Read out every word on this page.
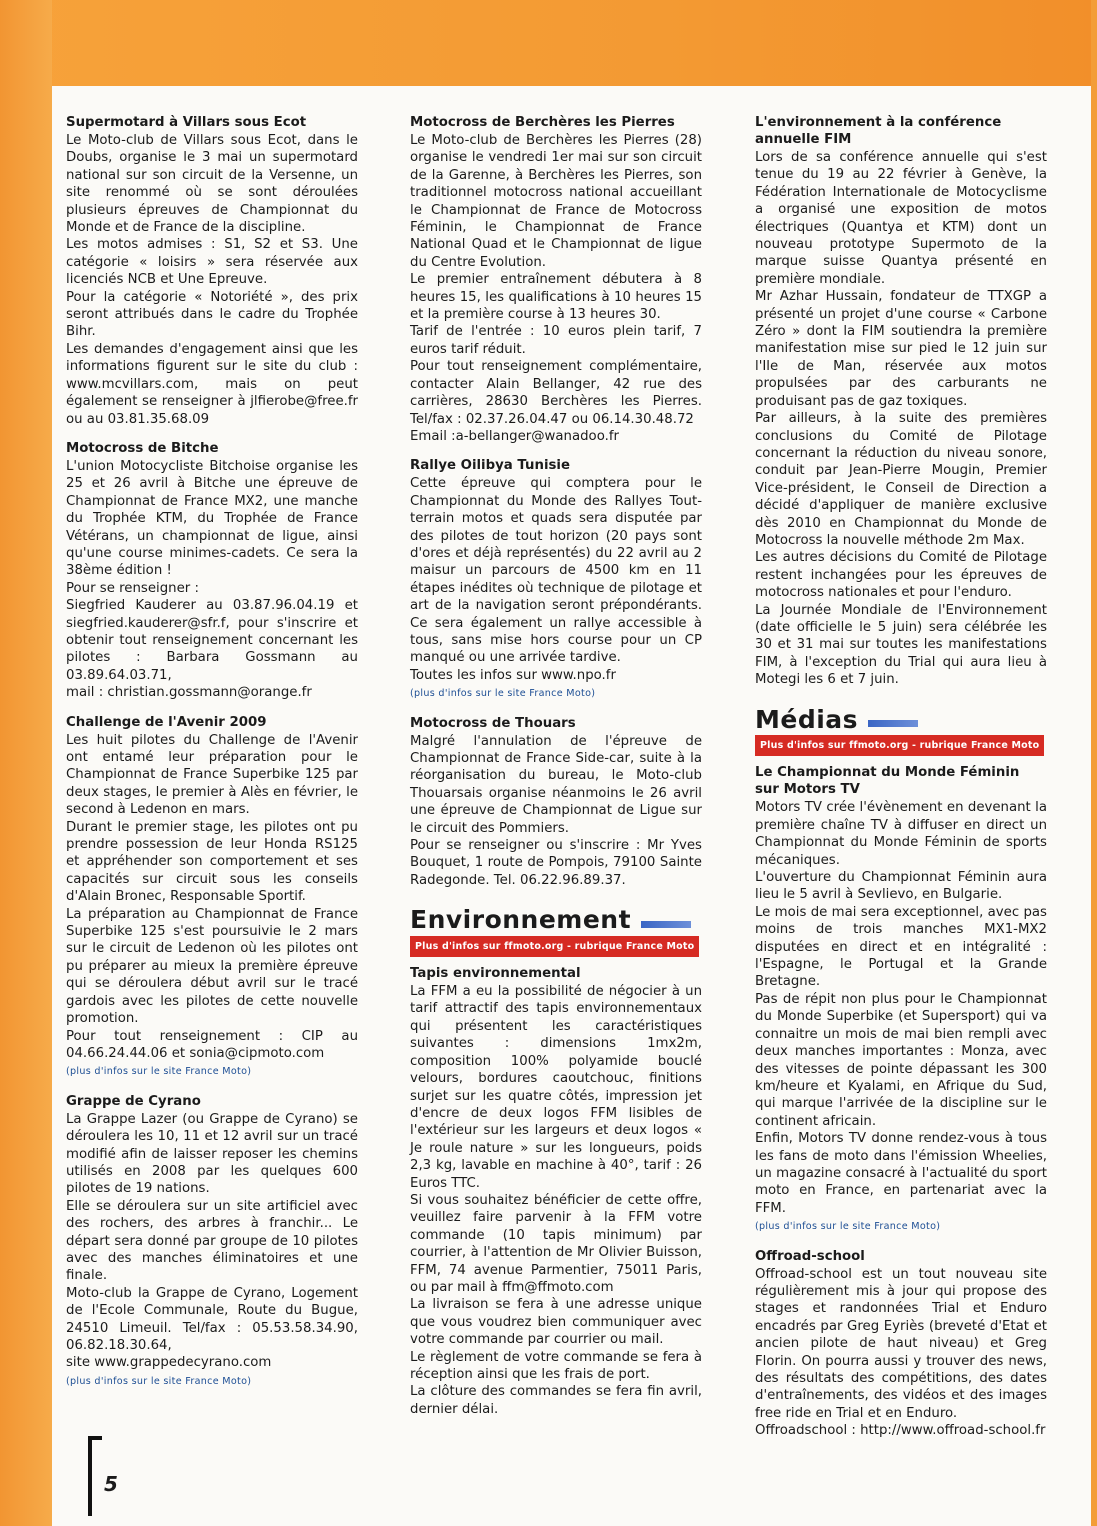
Supermotard à Villars sous Ecot

Le Moto-club de Villars sous Ecot, dans le Doubs, organise le 3 mai un supermotard national sur son circuit de la Versenne, un site renommé où se sont déroulées plusieurs épreuves de Championnat du Monde et de France de la discipline.

Les motos admises : S1, S2 et S3. Une catégorie « loisirs » sera réservée aux licenciés NCB et Une Epreuve.

Pour la catégorie « Notoriété », des prix seront attribués dans le cadre du Trophée Bihr.

Les demandes d'engagement ainsi que les informations figurent sur le site du club : www.mcvillars.com, mais on peut également se renseigner à jlfierobe@free.fr ou au 03.81.35.68.09

Motocross de Bitche

L'union Motocycliste Bitchoise organise les 25 et 26 avril à Bitche une épreuve de Championnat de France MX2, une manche du Trophée KTM, du Trophée de France Vétérans, un championnat de ligue, ainsi qu'une course minimes-cadets. Ce sera la 38ème édition !

Pour se renseigner :

Siegfried Kauderer au 03.87.96.04.19 et siegfried.kauderer@sfr.f, pour s'inscrire et obtenir tout renseignement concernant les pilotes : Barbara Gossmann au 03.89.64.03.71,

mail : christian.gossmann@orange.fr

Challenge de l'Avenir 2009

Les huit pilotes du Challenge de l'Avenir ont entamé leur préparation pour le Championnat de France Superbike 125 par deux stages, le premier à Alès en février, le second à Ledenon en mars.

Durant le premier stage, les pilotes ont pu prendre possession de leur Honda RS125 et appréhender son comportement et ses capacités sur circuit sous les conseils d'Alain Bronec, Responsable Sportif.

La préparation au Championnat de France Superbike 125 s'est poursuivie le 2 mars sur le circuit de Ledenon où les pilotes ont pu préparer au mieux la première épreuve qui se déroulera début avril sur le tracé gardois avec les pilotes de cette nouvelle promotion.

Pour tout renseignement : CIP au 04.66.24.44.06 et sonia@cipmoto.com

(plus d'infos sur le site France Moto)
Grappe de Cyrano

La Grappe Lazer (ou Grappe de Cyrano) se déroulera les 10, 11 et 12 avril sur un tracé modifié afin de laisser reposer les chemins utilisés en 2008 par les quelques 600 pilotes de 19 nations.

Elle se déroulera sur un site artificiel avec des rochers, des arbres à franchir... Le départ sera donné par groupe de 10 pilotes avec des manches éliminatoires et une finale.

Moto-club la Grappe de Cyrano, Logement de l'Ecole Communale, Route du Bugue, 24510 Limeuil. Tel/fax : 05.53.58.34.90, 06.82.18.30.64,

site www.grappedecyrano.com

(plus d'infos sur le site France Moto)
Motocross de Berchères les Pierres

Le Moto-club de Berchères les Pierres (28) organise le vendredi 1er mai sur son circuit de la Garenne, à Berchères les Pierres, son traditionnel motocross national accueillant le Championnat de France de Motocross Féminin, le Championnat de France National Quad et le Championnat de ligue du Centre Evolution.

Le premier entraînement débutera à 8 heures 15, les qualifications à 10 heures 15 et la première course à 13 heures 30.

Tarif de l'entrée : 10 euros plein tarif, 7 euros tarif réduit.

Pour tout renseignement complémentaire, contacter Alain Bellanger, 42 rue des carrières, 28630 Berchères les Pierres. Tel/fax : 02.37.26.04.47 ou 06.14.30.48.72

Email :a-bellanger@wanadoo.fr

Rallye Oilibya Tunisie

Cette épreuve qui comptera pour le Championnat du Monde des Rallyes Tout-terrain motos et quads sera disputée par des pilotes de tout horizon (20 pays sont d'ores et déjà représentés) du 22 avril au 2 maisur un parcours de 4500 km en 11 étapes inédites où technique de pilotage et art de la navigation seront prépondérants. Ce sera également un rallye accessible à tous, sans mise hors course pour un CP manqué ou une arrivée tardive.

Toutes les infos sur www.npo.fr

(plus d'infos sur le site France Moto)
Motocross de Thouars

Malgré l'annulation de l'épreuve de Championnat de France Side-car, suite à la réorganisation du bureau, le Moto-club Thouarsais organise néanmoins le 26 avril une épreuve de Championnat de Ligue sur le circuit des Pommiers.

Pour se renseigner ou s'inscrire : Mr Yves Bouquet, 1 route de Pompois, 79100 Sainte Radegonde. Tel. 06.22.96.89.37.

Environnement
Plus d'infos sur ffmoto.org - rubrique France Moto
Tapis environnemental

La FFM a eu la possibilité de négocier à un tarif attractif des tapis environnementaux qui présentent les caractéristiques suivantes : dimensions 1mx2m, composition 100% polyamide bouclé velours, bordures caoutchouc, finitions surjet sur les quatre côtés, impression jet d'encre de deux logos FFM lisibles de l'extérieur sur les largeurs et deux logos « Je roule nature » sur les longueurs, poids 2,3 kg, lavable en machine à 40°, tarif : 26 Euros TTC.

Si vous souhaitez bénéficier de cette offre, veuillez faire parvenir à la FFM votre commande (10 tapis minimum) par courrier, à l'attention de Mr Olivier Buisson, FFM, 74 avenue Parmentier, 75011 Paris, ou par mail à ffm@ffmoto.com

La livraison se fera à une adresse unique que vous voudrez bien communiquer avec votre commande par courrier ou mail.

Le règlement de votre commande se fera à réception ainsi que les frais de port.

La clôture des commandes se fera fin avril, dernier délai.

L'environnement à la conférence annuelle FIM

Lors de sa conférence annuelle qui s'est tenue du 19 au 22 février à Genève, la Fédération Internationale de Motocyclisme a organisé une exposition de motos électriques (Quantya et KTM) dont un nouveau prototype Supermoto de la marque suisse Quantya présenté en première mondiale.

Mr Azhar Hussain, fondateur de TTXGP a présenté un projet d'une course « Carbone Zéro » dont la FIM soutiendra la première manifestation mise sur pied le 12 juin sur l'Ile de Man, réservée aux motos propulsées par des carburants ne produisant pas de gaz toxiques.

Par ailleurs, à la suite des premières conclusions du Comité de Pilotage concernant la réduction du niveau sonore, conduit par Jean-Pierre Mougin, Premier Vice-président, le Conseil de Direction a décidé d'appliquer de manière exclusive dès 2010 en Championnat du Monde de Motocross la nouvelle méthode 2m Max.

Les autres décisions du Comité de Pilotage restent inchangées pour les épreuves de motocross nationales et pour l'enduro.

La Journée Mondiale de l'Environnement (date officielle le 5 juin) sera célébrée les 30 et 31 mai sur toutes les manifestations FIM, à l'exception du Trial qui aura lieu à Motegi les 6 et 7 juin.

Médias
Plus d'infos sur ffmoto.org - rubrique France Moto
Le Championnat du Monde Féminin sur Motors TV

Motors TV crée l'évènement en devenant la première chaîne TV à diffuser en direct un Championnat du Monde Féminin de sports mécaniques.

L'ouverture du Championnat Féminin aura lieu le 5 avril à Sevlievo, en Bulgarie.

Le mois de mai sera exceptionnel, avec pas moins de trois manches MX1-MX2 disputées en direct et en intégralité : l'Espagne, le Portugal et la Grande Bretagne.

Pas de répit non plus pour le Championnat du Monde Superbike (et Supersport) qui va connaitre un mois de mai bien rempli avec deux manches importantes : Monza, avec des vitesses de pointe dépassant les 300 km/heure et Kyalami, en Afrique du Sud, qui marque l'arrivée de la discipline sur le continent africain.

Enfin, Motors TV donne rendez-vous à tous les fans de moto dans l'émission Wheelies, un magazine consacré à l'actualité du sport moto en France, en partenariat avec la FFM.

(plus d'infos sur le site France Moto)
Offroad-school

Offroad-school est un tout nouveau site régulièrement mis à jour qui propose des stages et randonnées Trial et Enduro encadrés par Greg Eyriès (breveté d'Etat et ancien pilote de haut niveau) et Greg Florin. On pourra aussi y trouver des news, des résultats des compétitions, des dates d'entraînements, des vidéos et des images free ride en Trial et en Enduro.

Offroadschool : http://www.offroad-school.fr

5
